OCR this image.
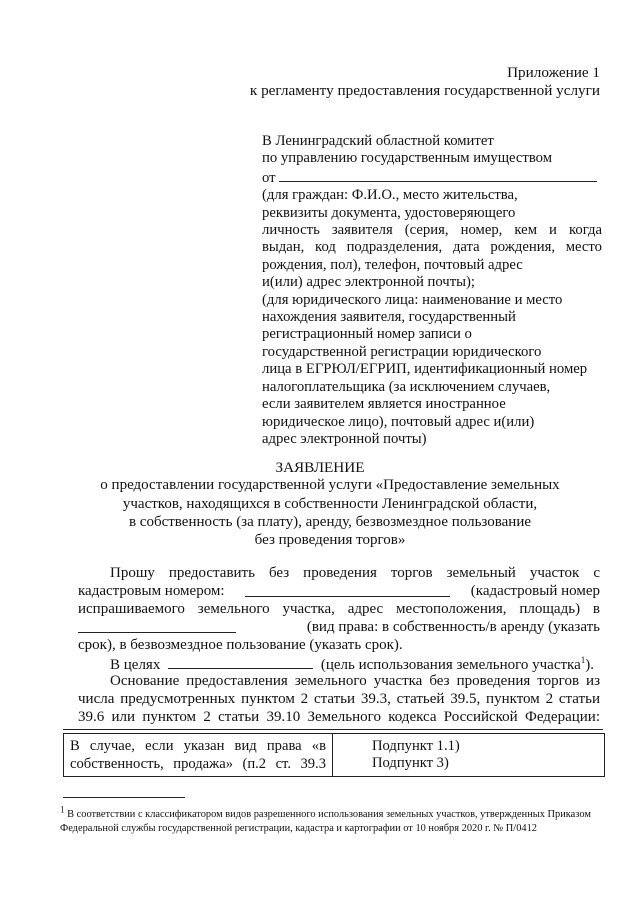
Приложение 1
к регламенту предоставления государственной услуги
В Ленинградский областной комитет
по управлению государственным имуществом
от
(для граждан: Ф.И.О., место жительства,
реквизиты документа, удостоверяющего
личность заявителя (серия, номер, кем и когда
выдан, код подразделения, дата рождения, место
рождения, пол), телефон, почтовый адрес
и(или) адрес электронной почты);
(для юридического лица: наименование и место
нахождения заявителя, государственный
регистрационный номер записи о
государственной регистрации юридического
лица в ЕГРЮЛ/ЕГРИП, идентификационный номер
налогоплательщика (за исключением случаев,
если заявителем является иностранное
юридическое лицо), почтовый адрес и(или)
адрес электронной почты)
ЗАЯВЛЕНИЕ
о предоставлении государственной услуги «Предоставление земельных
участков, находящихся в собственности Ленинградской области,
в собственность (за плату), аренду, безвозмездное пользование
без проведения торгов»
Прошу предоставить без проведения торгов земельный участок с
кадастровым номером:	(кадастровый номер
испрашиваемого земельного участка, адрес местоположения, площадь) в
(вид права: в собственность/в аренду (указать
срок), в безвозмездное пользование (указать срок).
В целях	(цель использования земельного участка$^1$).
Основание предоставления земельного участка без проведения торгов из
числа предусмотренных пунктом 2 статьи 39.3, статьей 39.5, пунктом 2 статьи
39.6 или пунктом 2 статьи 39.10 Земельного кодекса Российской Федерации:
В случае, если указан вид права «в
собственность, продажа» (п.2 ст. 39.3
Подпункт 1.1)
Подпункт 3)
$^1$ В соответствии с классификатором видов разрешенного использования земельных участков, утвержденных Приказом Федеральной службы государственной регистрации, кадастра и картографии от 10 ноября 2020 г. № П/0412
